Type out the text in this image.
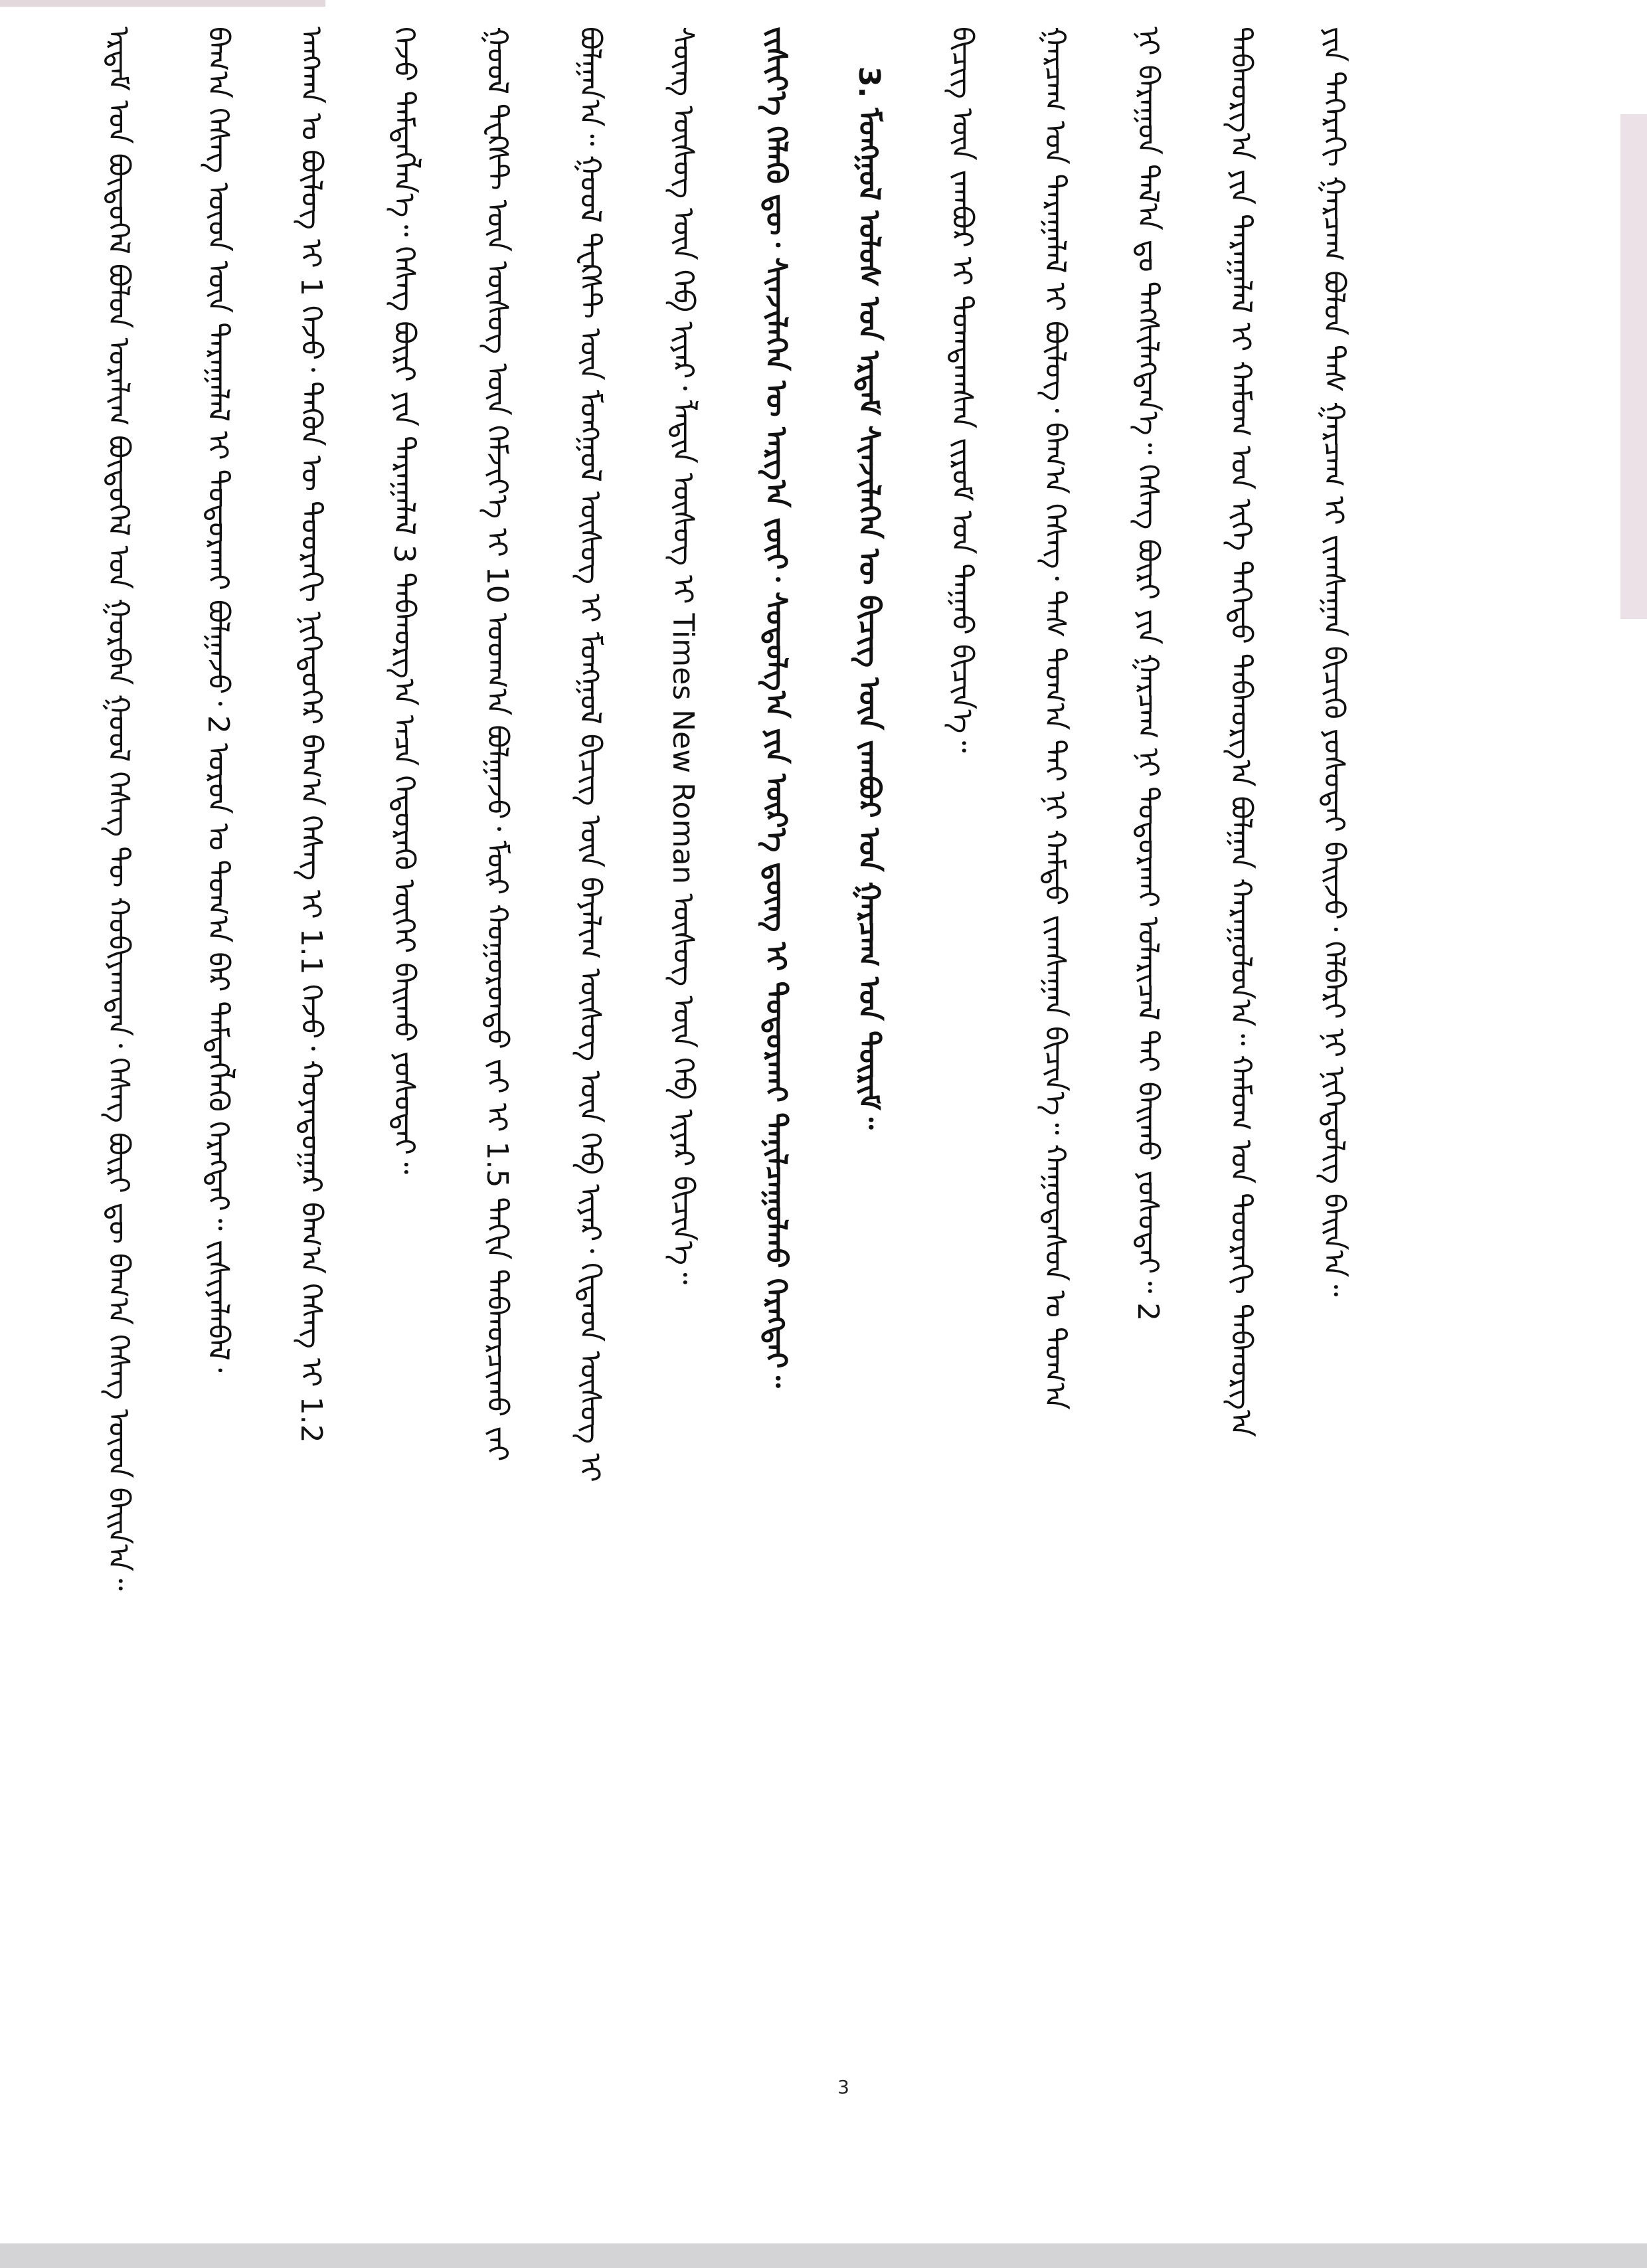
ᠡᠷᠳᠡᠮ ᠤᠨ ᠪᠦᠲᠦᠭᠡᠯ ᠪᠣᠯᠤᠨ ᠤᠷᠠᠯᠢᠭ ᠪᠦᠲᠦᠭᠡᠯ ᠤᠨ ᠭᠤᠷᠪᠠᠨ ᠭᠣᠣᠯ ᠬᠡᠰᠡᠭ ᠲᠦ ᠬᠤᠪᠢᠶᠠᠭᠳᠠᠨ᠂ ᠬᠡᠰᠡᠭ ᠪᠦᠷᠢ ᠳᠦ ᠪᠠᠭ᠎ᠠ ᠬᠡᠰᠡᠭ ᠦᠳ ᠪᠠᠢᠨ᠎ᠠ᠃ ᠪᠠᠭ᠎ᠠ ᠬᠡᠰᠡᠭ ᠦᠳ ᠦᠨ ᠳᠠᠷᠠᠭᠠᠯᠠᠯ ᠢ ᠲᠣᠳᠣᠷᠬᠠᠢ ᠪᠣᠯᠭᠠᠵᠤ᠂ 2 ᠤᠷᠤᠨ ᠤ ᠲᠣᠭ᠎ᠠ ᠪᠠᠷ ᠲᠡᠮᠳᠡᠭᠯᠡᠬᠦ ᠬᠡᠷᠡᠭᠲᠡᠢ᠃ ᠵᠢᠱᠢᠶᠡᠯᠡᠪᠡᠯ᠂ ᠠᠩᠬᠠᠨ ᠤ ᠪᠦᠯᠦᠭ ᠢ 1 ᠭᠡᠵᠦ᠂ ᠲᠡᠭᠦᠨ ᠦ ᠳᠣᠣᠷᠠᠬᠢ ᠨᠢᠭᠡᠳᠦᠭᠡᠷ ᠪᠠᠭ᠎ᠠ ᠬᠡᠰᠡᠭ ᠢ 1.1 ᠭᠡᠵᠦ᠂ ᠬᠣᠶᠠᠳᠤᠭᠠᠷ ᠪᠠᠭ᠎ᠠ ᠬᠡᠰᠡᠭ ᠢ 1.2 ᠭᠡᠵᠦ ᠲᠡᠮᠳᠡᠭᠯᠡᠨ᠎ᠡ᠃ ᠬᠡᠰᠡᠭ ᠪᠦᠷᠢ ᠶᠢᠨ ᠳᠠᠷᠠᠭᠠᠯᠠᠯ 3 ᠳᠠᠪᠬᠤᠷᠭ᠎ᠠ ᠠᠴᠠ ᠬᠡᠲᠦᠷᠡᠬᠦ ᠦᠭᠡᠢ ᠪᠠᠢᠬᠤ ᠶᠤᠰᠤᠲᠠᠢ᠃ ᠭᠣᠣᠯ ᠲᠸᠺᠰᠲ ᠦᠨ ᠦᠰᠦᠭ ᠦᠨ ᠬᠡᠮᠵᠢᠶ᠎ᠡ ᠢ 10 ᠤᠳᠬ᠎ᠠ ᠪᠣᠯᠭᠠᠵᠤ᠂ ᠮᠥᠷ ᠬᠣᠭᠣᠷᠣᠨᠳᠤ ᠵᠠᠢ ᠢ 1.5 ᠳᠠᠬᠢᠨ ᠳᠠᠪᠬᠤᠷᠴᠢᠬᠤ ᠵᠠᠢ ᠪᠣᠯᠭᠠᠨ᠎ᠠ᠃ ᠭᠣᠣᠯ ᠲᠸᠺᠰᠲ ᠦᠨ ᠮᠣᠩᠭᠣᠯ ᠦᠰᠦᠭ ᠢ ᠮᠣᠩᠭᠣᠯ ᠪᠢᠴᠢᠭ ᠦᠨ ᠪᠠᠶᠠᠯᠢᠭ ᠦᠰᠦᠭ ᠦᠨ ᠬᠡᠪ ᠢᠶᠡᠷ᠂ ᠬᠢᠲᠠᠳ ᠦᠰᠦᠭ ᠢ ᠰᠦᠩ ᠦᠰᠦᠭ ᠦᠨ ᠬᠡᠪ ᠢᠶᠡᠷ᠂ ᠯᠠᠲᠢᠨ ᠦᠰᠦᠭ ᠢ Times New Roman ᠦᠰᠦᠭ ᠦᠨ ᠬᠡᠪ ᠢᠶᠡᠷ ᠪᠢᠴᠢᠨ᠎ᠡ᠃ ᠵᠢᠱᠢᠶ᠎ᠡ ᠬᠡᠯᠡᠬᠦ ᠳᠦ᠂ ᠰᠢᠨᠵᠢᠯᠡᠭᠡᠨ ᠦ ᠠᠷᠭ᠎ᠠ ᠵᠦᠢ᠂ ᠰᠤᠳᠤᠯᠭ᠎ᠠ ᠶᠢᠨ ᠦᠷ᠎ᠡ ᠳ᠋ᠦᠩ ᠢ ᠲᠣᠳᠣᠷᠬᠠᠢ ᠲᠠᠨᠢᠯᠴᠠᠭᠤᠯᠬᠤ ᠬᠡᠷᠡᠭᠲᠡᠢ᠃ 3. ᠮᠣᠩᠭᠣᠯ ᠤᠯᠤᠰ ᠤᠨ ᠡᠷᠳᠡᠮ ᠰᠢᠨᠵᠢᠯᠡᠭᠡᠨ ᠦ ᠪᠢᠴᠢᠭ ᠦᠨ ᠵᠠᠭᠪᠤᠷ ᠤᠨ ᠭᠠᠷᠴᠠᠭ ᠤᠨ ᠳᠦᠷᠢᠮ᠃ ᠪᠢᠴᠢᠭ ᠦᠨ ᠵᠠᠭᠪᠤᠷ ᠢ ᠲᠣᠭᠲᠠᠭᠰᠠᠨ ᠵᠢᠷᠤᠮ ᠤᠨ ᠳᠠᠭᠠᠤ ᠪᠢᠴᠢᠨ᠎ᠡ᠃ ᠭᠠᠷᠴᠠᠭ ᠤᠨ ᠳᠠᠷᠠᠭᠠᠯᠠᠯ ᠢ ᠪᠦᠯᠦᠭ᠂ ᠪᠠᠭ᠎ᠠ ᠬᠡᠰᠡᠭ᠂ ᠳᠡᠰ ᠲᠣᠭ᠎ᠠ ᠲᠠᠢ ᠨᠢ ᠬᠠᠮᠲᠤ ᠵᠢᠭᠰᠠᠭᠠᠨ ᠪᠢᠴᠢᠨ᠎ᠡ᠃ ᠬᠠᠭᠤᠳᠠᠰᠤᠨ ᠤ ᠲᠣᠭ᠎ᠠ ᠨᠢ ᠪᠠᠷᠠᠭᠤᠨ ᠲᠠᠯ᠎ᠠ ᠳᠤ ᠲᠡᠭᠰᠢᠯᠡᠭᠳᠡᠨ᠎ᠡ᠃ ᠬᠡᠰᠡᠭ ᠪᠦᠷᠢ ᠶᠢᠨ ᠭᠠᠷᠴᠠᠭ ᠨᠢ ᠲᠣᠳᠣᠷᠬᠠᠢ ᠤᠯᠠᠷᠢᠴᠠᠯ ᠲᠠᠢ ᠪᠠᠢᠬᠤ ᠶᠤᠰᠤᠲᠠᠢ᠃ 2 ᠳᠠᠪᠬᠤᠷᠭ᠎ᠠ ᠶᠢᠨ ᠳᠠᠷᠠᠭᠠᠯᠠᠯ ᠢ ᠬᠠᠮᠤᠭ ᠤᠨ ᠢᠬᠡ ᠳᠡᠭᠡᠳᠦ ᠳᠠᠪᠬᠤᠷᠭ᠎ᠠ ᠪᠣᠯᠭᠠᠨ ᠬᠠᠷᠠᠭᠤᠯᠤᠨ᠎ᠠ᠃ ᠬᠠᠮᠤᠭ ᠤᠨ ᠳᠣᠣᠷᠠᠬᠢ ᠳᠠᠪᠬᠤᠷᠭ᠎ᠠ ᠶᠢᠨ ᠳᠡᠭᠡᠷᠡᠬᠢ ᠭᠠᠷᠴᠠᠭ ᠪᠣᠯᠤᠨ ᠳᠡᠰ ᠭᠠᠷᠴᠠᠭ ᠢ ᠵᠢᠭᠰᠠᠭᠠᠨ ᠪᠢᠴᠢᠬᠦ ᠶᠤᠰᠤᠲᠠᠢ ᠪᠠᠢᠵᠤ᠂ ᠬᠡᠯᠪᠡᠷᠢ ᠨᠢ ᠨᠢᠭᠡᠳᠦᠯᠢᠭ ᠪᠠᠢᠨ᠎ᠠ᠃
3
